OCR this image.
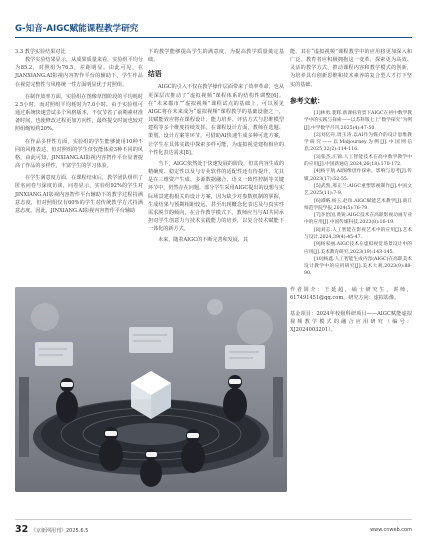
G-知音-AIGC赋能课程教学研究

3.3 教学实验结果对比

教学实验结果显示，从成果质量来看，实验组平均分为85.2，对照组为76.5，差距明显。由此可见，在JIANXIANG.AI影视内容智作平台的辅助下，学生作品在视觉完整性与风格统一性方面明显优于对照组。

在制作效率方面，实验组在图像草图阶段的平均耗时2.5小时，而对照组平均耗时为7.0小时。由于实验组可通过系统快速尝试多个风格版本，不仅节省了前期素材准备时间，也使修改过程更加方向性，最终提交时间也较对照组缩短约20%。

在作品多样性方面，实验组的学生能够使用10种不同的风格表达，但对照组的学生仅仅能体验3种不同的风格，由此可知，JINXIANG.AI影视内容智作平台显著提高了作品的多样性，丰富学生的学习体验。

在学生满意度方面，在课程结束后，教学团队组织了匿名问卷与深度访谈，问卷显示，实验组92%的学生对JINXIANG.AI影视内容智作平台辅助下的教学过程持满意态度，但对照组仅有60%的学生对传统教学方式持满意态度。因此，JINXIANG.AI影视内容智作平台辅助

下的教学能够提高学生的满意度，为提高教学质量奠定基础。

结语

AIGC的引入不仅在教学操作层面带来了效率革命，也从更深层次推动了“虚拟视频”课程体系的结构性调整[6]。在“未来都市”“虚拟视频”课程试点的基础上，可以预见AIGC将在未来成为“虚拟视频”课程教学的基础设施之一，其赋能效应将在课程设计、能力培养、评估方式与思维模型建构等多个维度持续发挥。在课程设计方面，教师在选题、策划、设计方案等环节，可借助AI快速生成多种可选方案，让学生在具体实践中探索多样可能，为虚拟视觉建构相应的个性化表达需求[8]。

当下，AIGC依然处于快速发展的阶段，但其内容生成的精确度、稳定性以及与专业软件的适配性还有待提升，尤其是在三维资产生成、多源数据融合、语义一致性控制等关键环节中，仍然存在问题。部分学生采用AIGC提出的设想与实际场景建构相关的设计方案，因为缺少对参数机制的掌握，生成结果与预期相距较远，甚至出现概念化表达及与真实性需求脱节的倾向。在合作教学模式下，教师应当与AI共同承担对学生创意力与技术实践能力的培养，以复合技术赋能下一体化的新方式。

未来，随着AIGC的不断完善和发展，其

能，其在“虚拟视频”课程教学中的应用将更加深入和广泛。教育者应积极拥抱这一变革，探索更为高效、灵活的教学方式，推动课程内容和教学模式的创新，为培养具有创新思维和技术素养的复合型人才打下坚实的基础。

参考文献：

[1]林勇,裴辉.新课标背景下AIGC在初中数学教学中的实践与探索——以苏科版七上“数学探究”为例[J].中学数学月刊,2025(4):47-50.

[2]刘亿舟,周玉涛.以AI作为媒介的设计思维教学研究——以Midjourney为例[J].中国网信息,2025,32(2):114-116.

[3]张杰,庄锦.人工智能技术在高中数学教学中的应用[J].中国新通信,2024,26(18):170-172.

[4]杨宇航.AI图像创作探索，影响与思考[J].传媒,2023(17):52-55.

[5]武凯,邢正兰.AIGC重塑影视制作[J].中国文艺,2025(11):7-9.

[6]谭略,杨玉,赵珍.AIGC赋能艺术教学[J].商丘师范学院学报,2024(5):76-79.

[7]李治国,黄锐.AIGC技术在高职影视动画专业中的应用[J].中国传媒科技,2023(8):16-19.

[8]刘志.人工智能在影视艺术中的应用[J].艺术与设计,2024,39(4):45-47.

[9]杨家丽.AIGC技术在虚拟视觉场景设计中的应用[J].美术教育研究,2023(19):143-145.

[10]杨鑫.人工智能生成内容(AIGC)在高职美术设计教学中的应用研究[J].美术大观,2023(9):88-90.

作者简介：王延超，硕士研究生，讲师，617491451@qq.com，研究方向：虚拟影像。

基金项目：2024年校级科研项目——AIGC赋能虚拟视频教学模式的融合应用研究（编号：XJ2024003201）。

32 《京新网用刊》2025.6.5	www.cnweb.com
